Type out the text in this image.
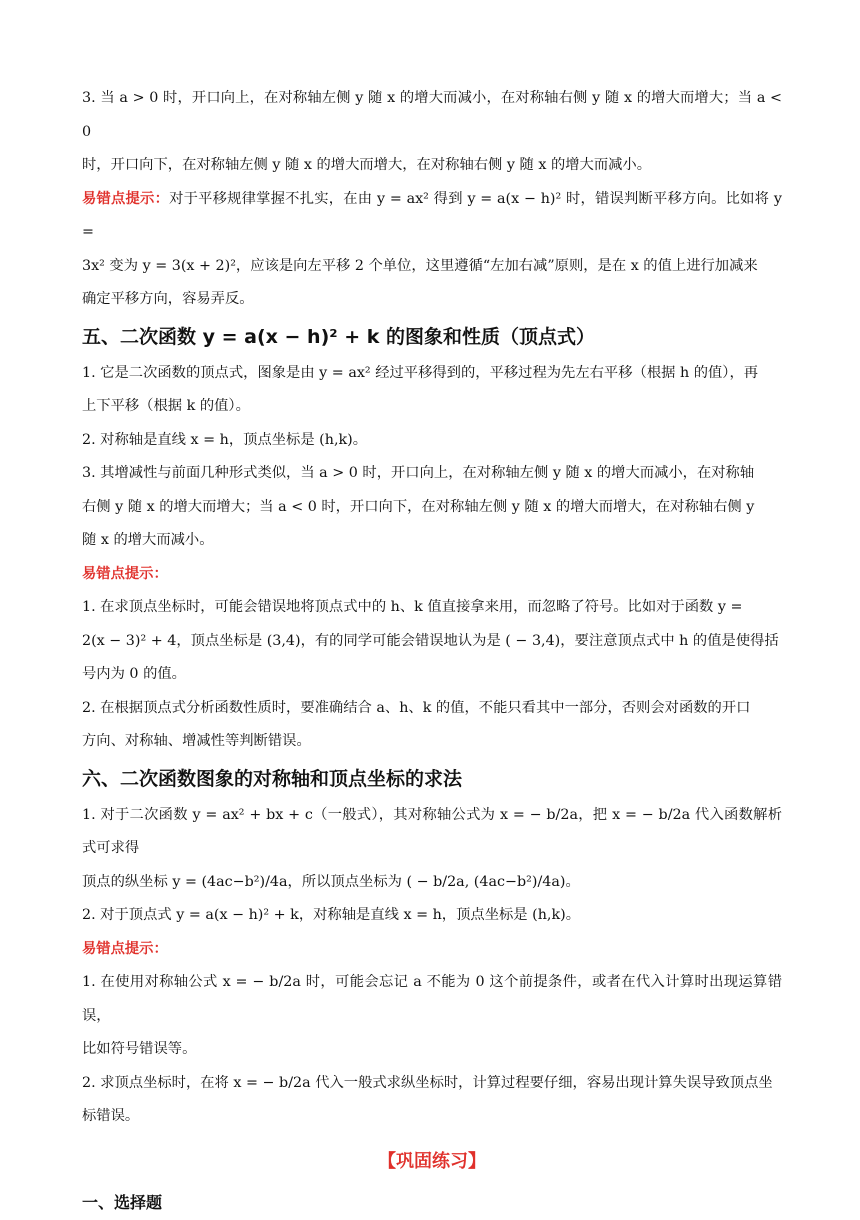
3. 当 a > 0 时，开口向上，在对称轴左侧 y 随 x 的增大而减小，在对称轴右侧 y 随 x 的增大而增大；当 a < 0

时，开口向下，在对称轴左侧 y 随 x 的增大而增大，在对称轴右侧 y 随 x 的增大而减小。

易错点提示：对于平移规律掌握不扎实，在由 y = ax² 得到 y = a(x − h)² 时，错误判断平移方向。比如将 y =

3x² 变为 y = 3(x + 2)²，应该是向左平移 2 个单位，这里遵循“左加右减”原则，是在 x 的值上进行加减来

确定平移方向，容易弄反。

五、二次函数 y = a(x − h)² + k 的图象和性质（顶点式）

1. 它是二次函数的顶点式，图象是由 y = ax² 经过平移得到的，平移过程为先左右平移（根据 h 的值），再

上下平移（根据 k 的值）。

2. 对称轴是直线 x = h，顶点坐标是 (h,k)。

3. 其增减性与前面几种形式类似，当 a > 0 时，开口向上，在对称轴左侧 y 随 x 的增大而减小，在对称轴

右侧 y 随 x 的增大而增大；当 a < 0 时，开口向下，在对称轴左侧 y 随 x 的增大而增大，在对称轴右侧 y

随 x 的增大而减小。

易错点提示：

1. 在求顶点坐标时，可能会错误地将顶点式中的 h、k 值直接拿来用，而忽略了符号。比如对于函数 y =

2(x − 3)² + 4，顶点坐标是 (3,4)，有的同学可能会错误地认为是 ( − 3,4)，要注意顶点式中 h 的值是使得括

号内为 0 的值。

2. 在根据顶点式分析函数性质时，要准确结合 a、h、k 的值，不能只看其中一部分，否则会对函数的开口

方向、对称轴、增减性等判断错误。

六、二次函数图象的对称轴和顶点坐标的求法

1. 对于二次函数 y = ax² + bx + c（一般式），其对称轴公式为 x = − b/2a，把 x = − b/2a 代入函数解析式可求得

顶点的纵坐标 y = (4ac−b²)/4a，所以顶点坐标为 ( − b/2a, (4ac−b²)/4a)。

2. 对于顶点式 y = a(x − h)² + k，对称轴是直线 x = h，顶点坐标是 (h,k)。

易错点提示：

1. 在使用对称轴公式 x = − b/2a 时，可能会忘记 a 不能为 0 这个前提条件，或者在代入计算时出现运算错误，

比如符号错误等。

2. 求顶点坐标时，在将 x = − b/2a 代入一般式求纵坐标时，计算过程要仔细，容易出现计算失误导致顶点坐

标错误。

【巩固练习】
一、选择题
